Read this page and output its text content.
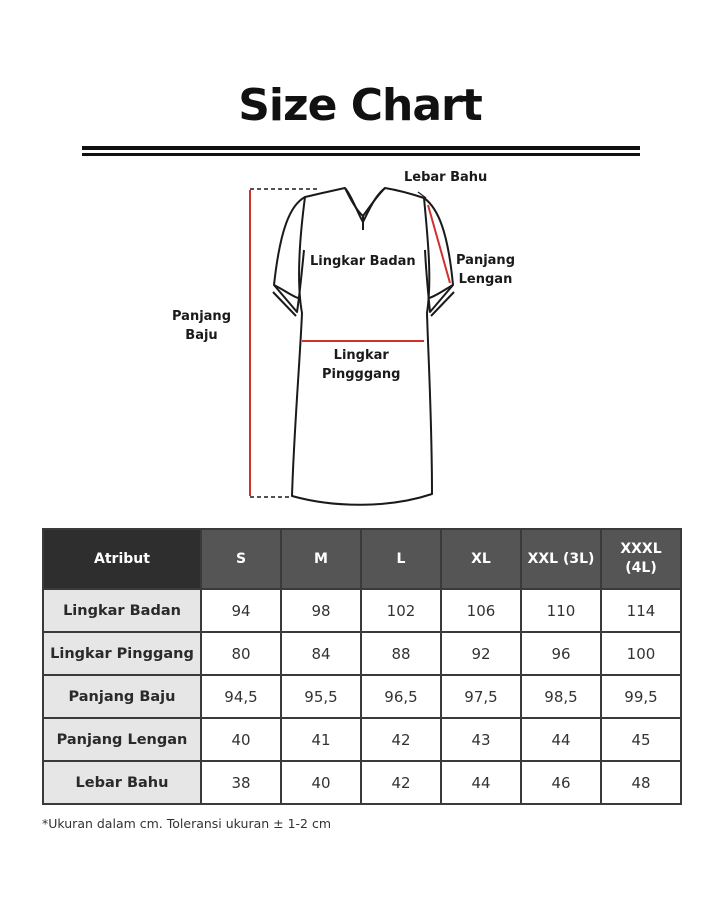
Size Chart
Lebar Bahu
Lingkar Badan	Panjang
Lengan
Panjang
Baju
Lingkar
Pingggang
Atribut	S	M	L	XL	XXL (3L)	XXXL (4L)
Lingkar Badan	94	98	102	106	110	114
Lingkar Pinggang	80	84	88	92	96	100
Panjang Baju	94,5	95,5	96,5	97,5	98,5	99,5
Panjang Lengan	40	41	42	43	44	45
Lebar Bahu	38	40	42	44	46	48
*Ukuran dalam cm. Toleransi ukuran ± 1-2 cm
